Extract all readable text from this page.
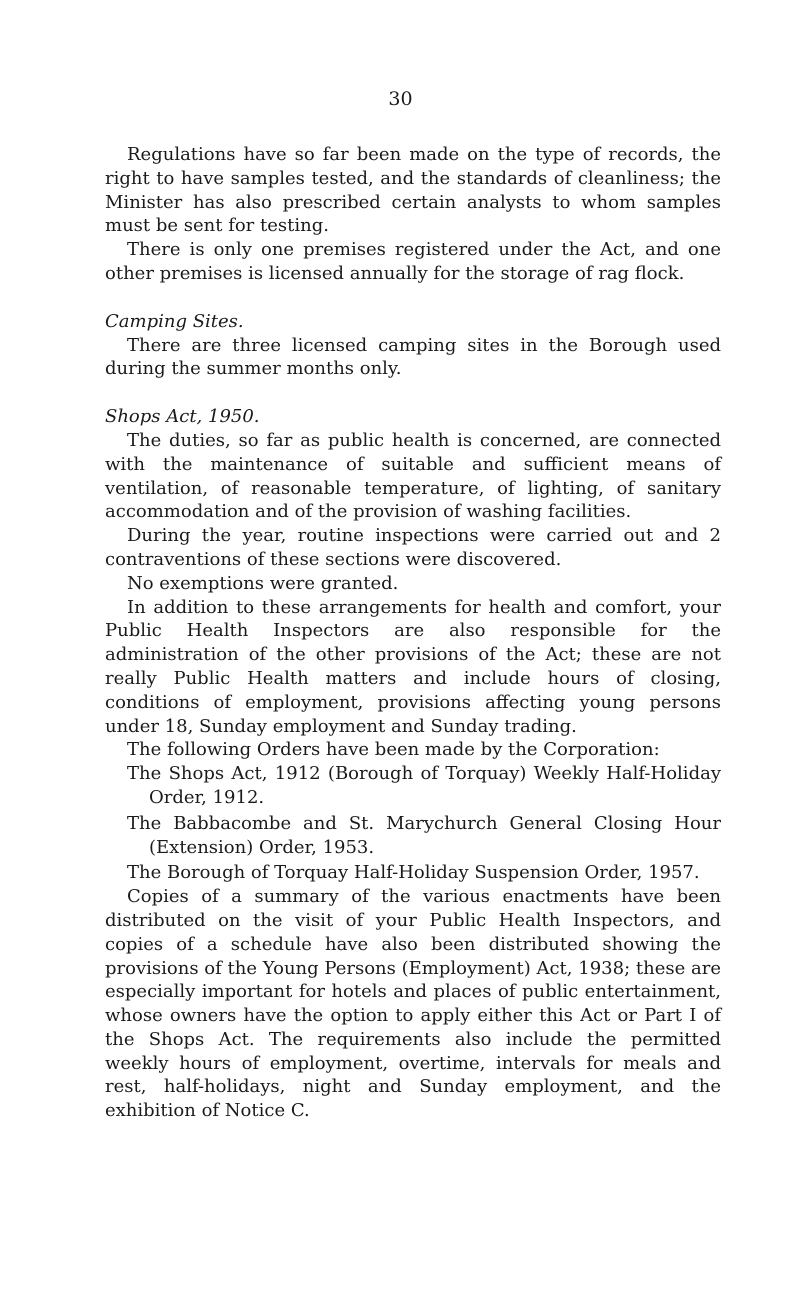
30

Regulations have so far been made on the type of records, the right to have samples tested, and the standards of cleanliness; the Minister has also prescribed certain analysts to whom samples must be sent for testing.

There is only one premises registered under the Act, and one other premises is licensed annually for the storage of rag flock.

Camping Sites.

There are three licensed camping sites in the Borough used during the summer months only.

Shops Act, 1950.

The duties, so far as public health is concerned, are connected with the maintenance of suitable and sufficient means of ventilation, of reasonable temperature, of lighting, of sanitary accommodation and of the provision of washing facilities.

During the year, routine inspections were carried out and 2 contraventions of these sections were discovered.

No exemptions were granted.

In addition to these arrangements for health and comfort, your Public Health Inspectors are also responsible for the administration of the other provisions of the Act; these are not really Public Health matters and include hours of closing, conditions of employment, provisions affecting young persons under 18, Sunday employment and Sunday trading.

The following Orders have been made by the Corporation:

The Shops Act, 1912 (Borough of Torquay) Weekly Half-Holiday Order, 1912.

The Babbacombe and St. Marychurch General Closing Hour (Extension) Order, 1953.

The Borough of Torquay Half-Holiday Suspension Order, 1957.

Copies of a summary of the various enactments have been distributed on the visit of your Public Health Inspectors, and copies of a schedule have also been distributed showing the provisions of the Young Persons (Employment) Act, 1938; these are especially important for hotels and places of public entertainment, whose owners have the option to apply either this Act or Part I of the Shops Act. The requirements also include the permitted weekly hours of employment, overtime, intervals for meals and rest, half-holidays, night and Sunday employment, and the exhibition of Notice C.
